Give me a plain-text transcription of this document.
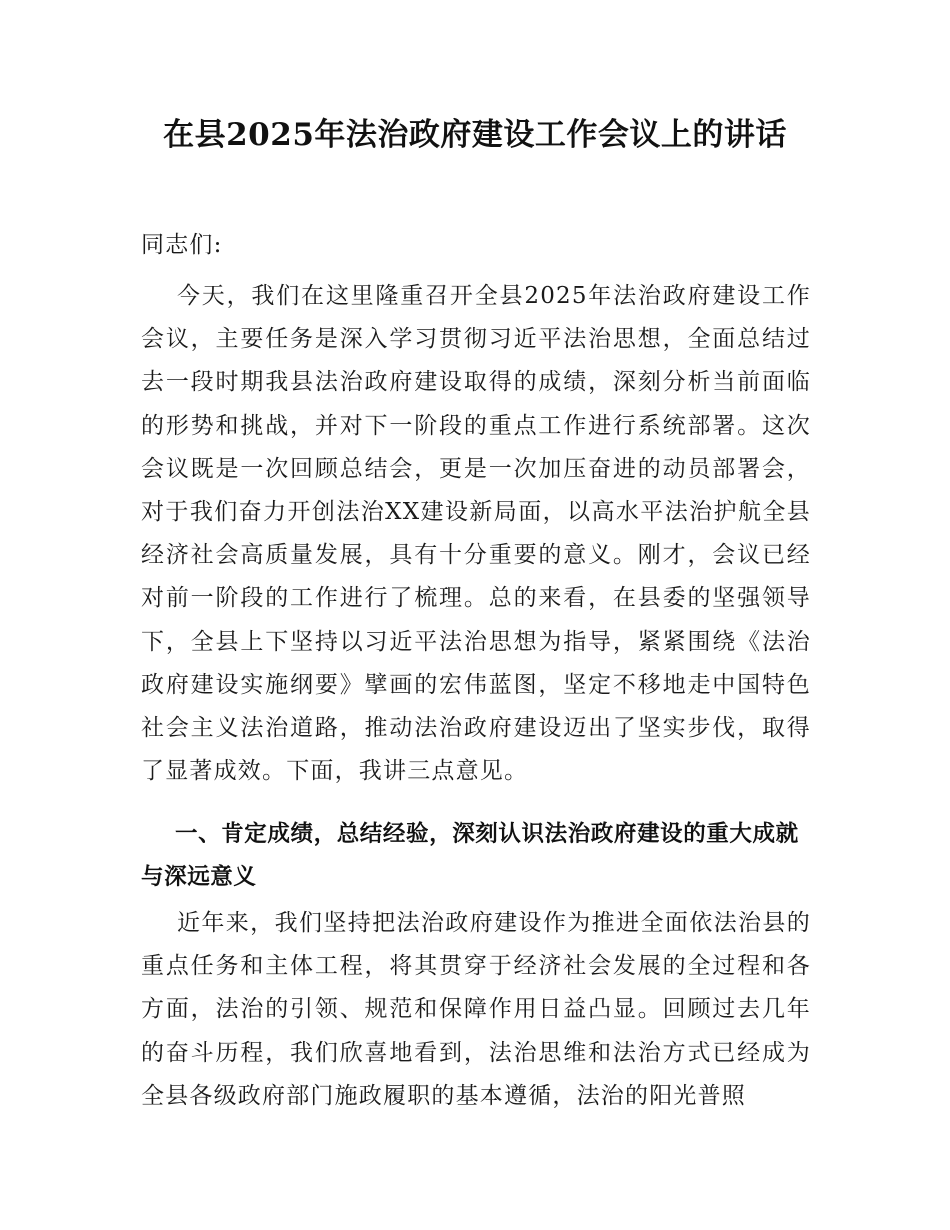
在县2025年法治政府建设工作会议上的讲话

同志们:

今天，我们在这里隆重召开全县2025年法治政府建设工作会议，主要任务是深入学习贯彻习近平法治思想，全面总结过去一段时期我县法治政府建设取得的成绩，深刻分析当前面临的形势和挑战，并对下一阶段的重点工作进行系统部署。这次会议既是一次回顾总结会，更是一次加压奋进的动员部署会，对于我们奋力开创法治XX建设新局面，以高水平法治护航全县经济社会高质量发展，具有十分重要的意义。刚才，会议已经对前一阶段的工作进行了梳理。总的来看，在县委的坚强领导下，全县上下坚持以习近平法治思想为指导，紧紧围绕《法治政府建设实施纲要》擘画的宏伟蓝图，坚定不移地走中国特色社会主义法治道路，推动法治政府建设迈出了坚实步伐，取得了显著成效。下面，我讲三点意见。

一、肯定成绩，总结经验，深刻认识法治政府建设的重大成就与深远意义

近年来，我们坚持把法治政府建设作为推进全面依法治县的重点任务和主体工程，将其贯穿于经济社会发展的全过程和各方面，法治的引领、规范和保障作用日益凸显。回顾过去几年的奋斗历程，我们欣喜地看到，法治思维和法治方式已经成为全县各级政府部门施政履职的基本遵循，法治的阳光普照
